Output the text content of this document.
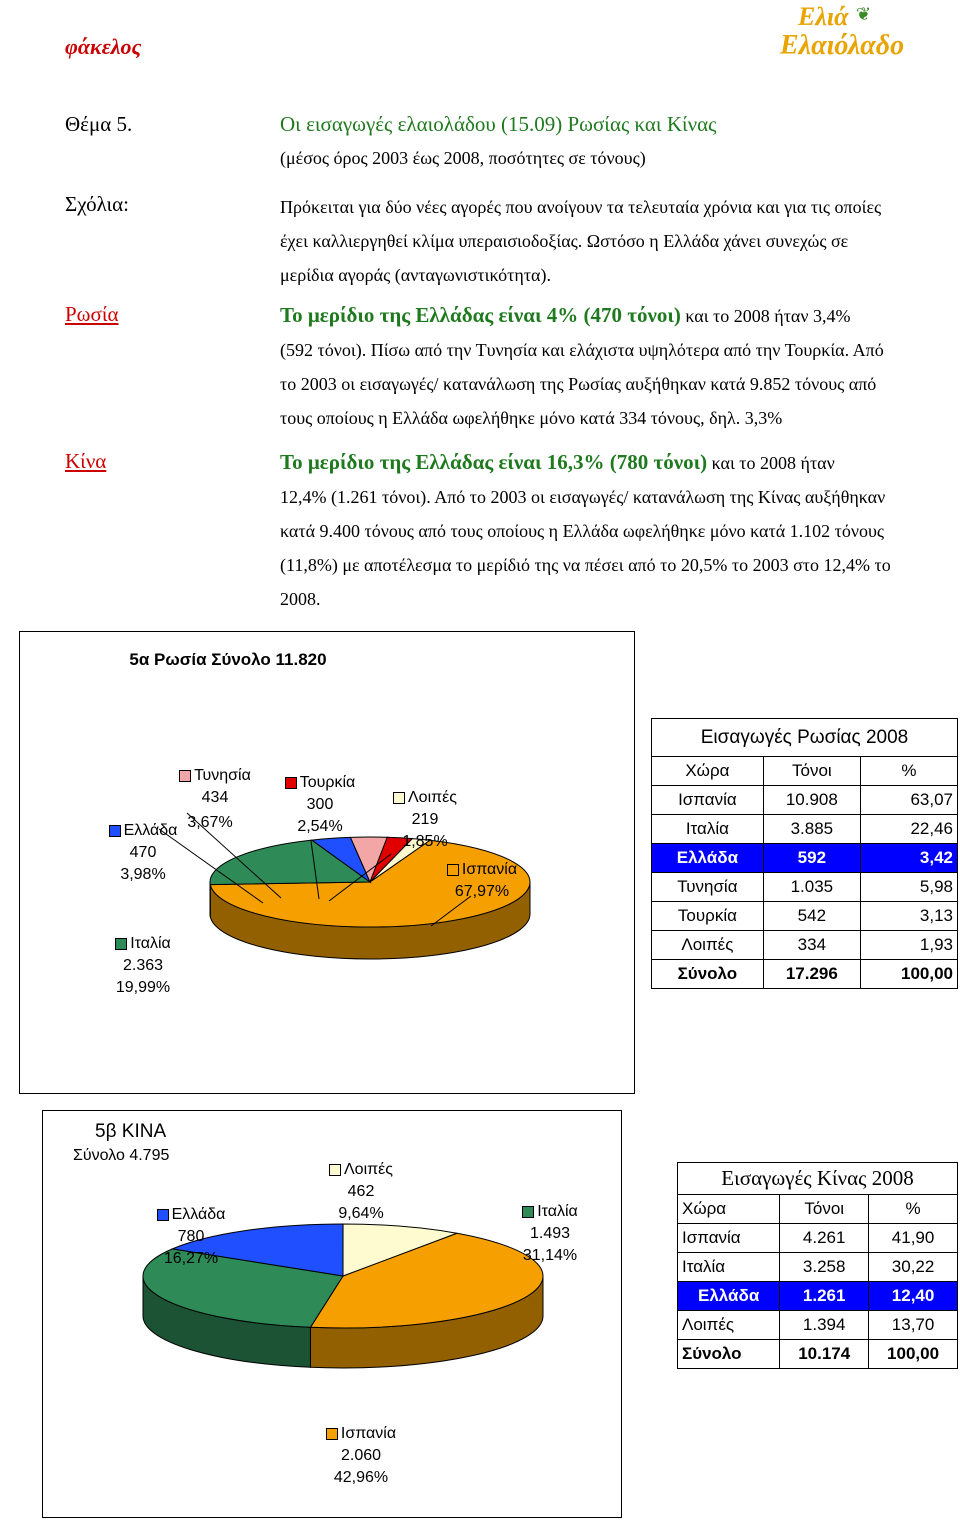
φάκελος
Ελιά ❦
Ελαιόλαδο
Θέμα 5.	Οι εισαγωγές ελαιολάδου (15.09) Ρωσίας και Κίνας
(μέσος όρος 2003 έως 2008, ποσότητες σε τόνους)
Σχόλια:	Πρόκειται για δύο νέες αγορές που ανοίγουν τα τελευταία χρόνια και για τις οποίες
έχει καλλιεργηθεί κλίμα υπεραισιοδοξίας. Ωστόσο η Ελλάδα χάνει συνεχώς σε
μερίδια αγοράς (ανταγωνιστικότητα).
Ρωσία	Το μερίδιο της Ελλάδας είναι 4% (470 τόνοι) και το 2008 ήταν 3,4%
(592 τόνοι). Πίσω από την Τυνησία και ελάχιστα υψηλότερα από την Τουρκία. Από
το 2003 οι εισαγωγές/ κατανάλωση της Ρωσίας αυξήθηκαν κατά 9.852 τόνους από
τους οποίους η Ελλάδα ωφελήθηκε μόνο κατά 334 τόνους, δηλ. 3,3%
Κίνα	Το μερίδιο της Ελλάδας είναι 16,3% (780 τόνοι) και το 2008 ήταν
12,4% (1.261 τόνοι). Από το 2003 οι εισαγωγές/ κατανάλωση της Κίνας αυξήθηκαν
κατά 9.400 τόνους από τους οποίους η Ελλάδα ωφελήθηκε μόνο κατά 1.102 τόνους
(11,8%) με αποτέλεσμα το μερίδιό της να πέσει από το 20,5% το 2003 στο 12,4% το
2008.
5α Ρωσία Σύνολο 11.820
Τυνησία
434
3,67%
Ελλάδα
470
3,98%
Τουρκία
300
2,54%
Λοιπές
219
1,85%
Ισπανία
67,97%
Ιταλία
2.363
19,99%
Εισαγωγές Ρωσίας 2008		
Χώρα	Τόνοι	%
Ισπανία	10.908	63,07
Ιταλία	3.885	22,46
Ελλάδα	592	3,42
Τυνησία	1.035	5,98
Τουρκία	542	3,13
Λοιπές	334	1,93
Σύνολο	17.296	100,00
5β ΚΙΝΑ
Σύνολο 4.795
Λοιπές
462
9,64%
Ελλάδα
780
16,27%
Ιταλία
1.493
31,14%
Ισπανία
2.060
42,96%
Εισαγωγές Κίνας 2008		
Χώρα	Τόνοι	%
Ισπανία	4.261	41,90
Ιταλία	3.258	30,22
Ελλάδα	1.261	12,40
Λοιπές	1.394	13,70
Σύνολο	10.174	100,00
